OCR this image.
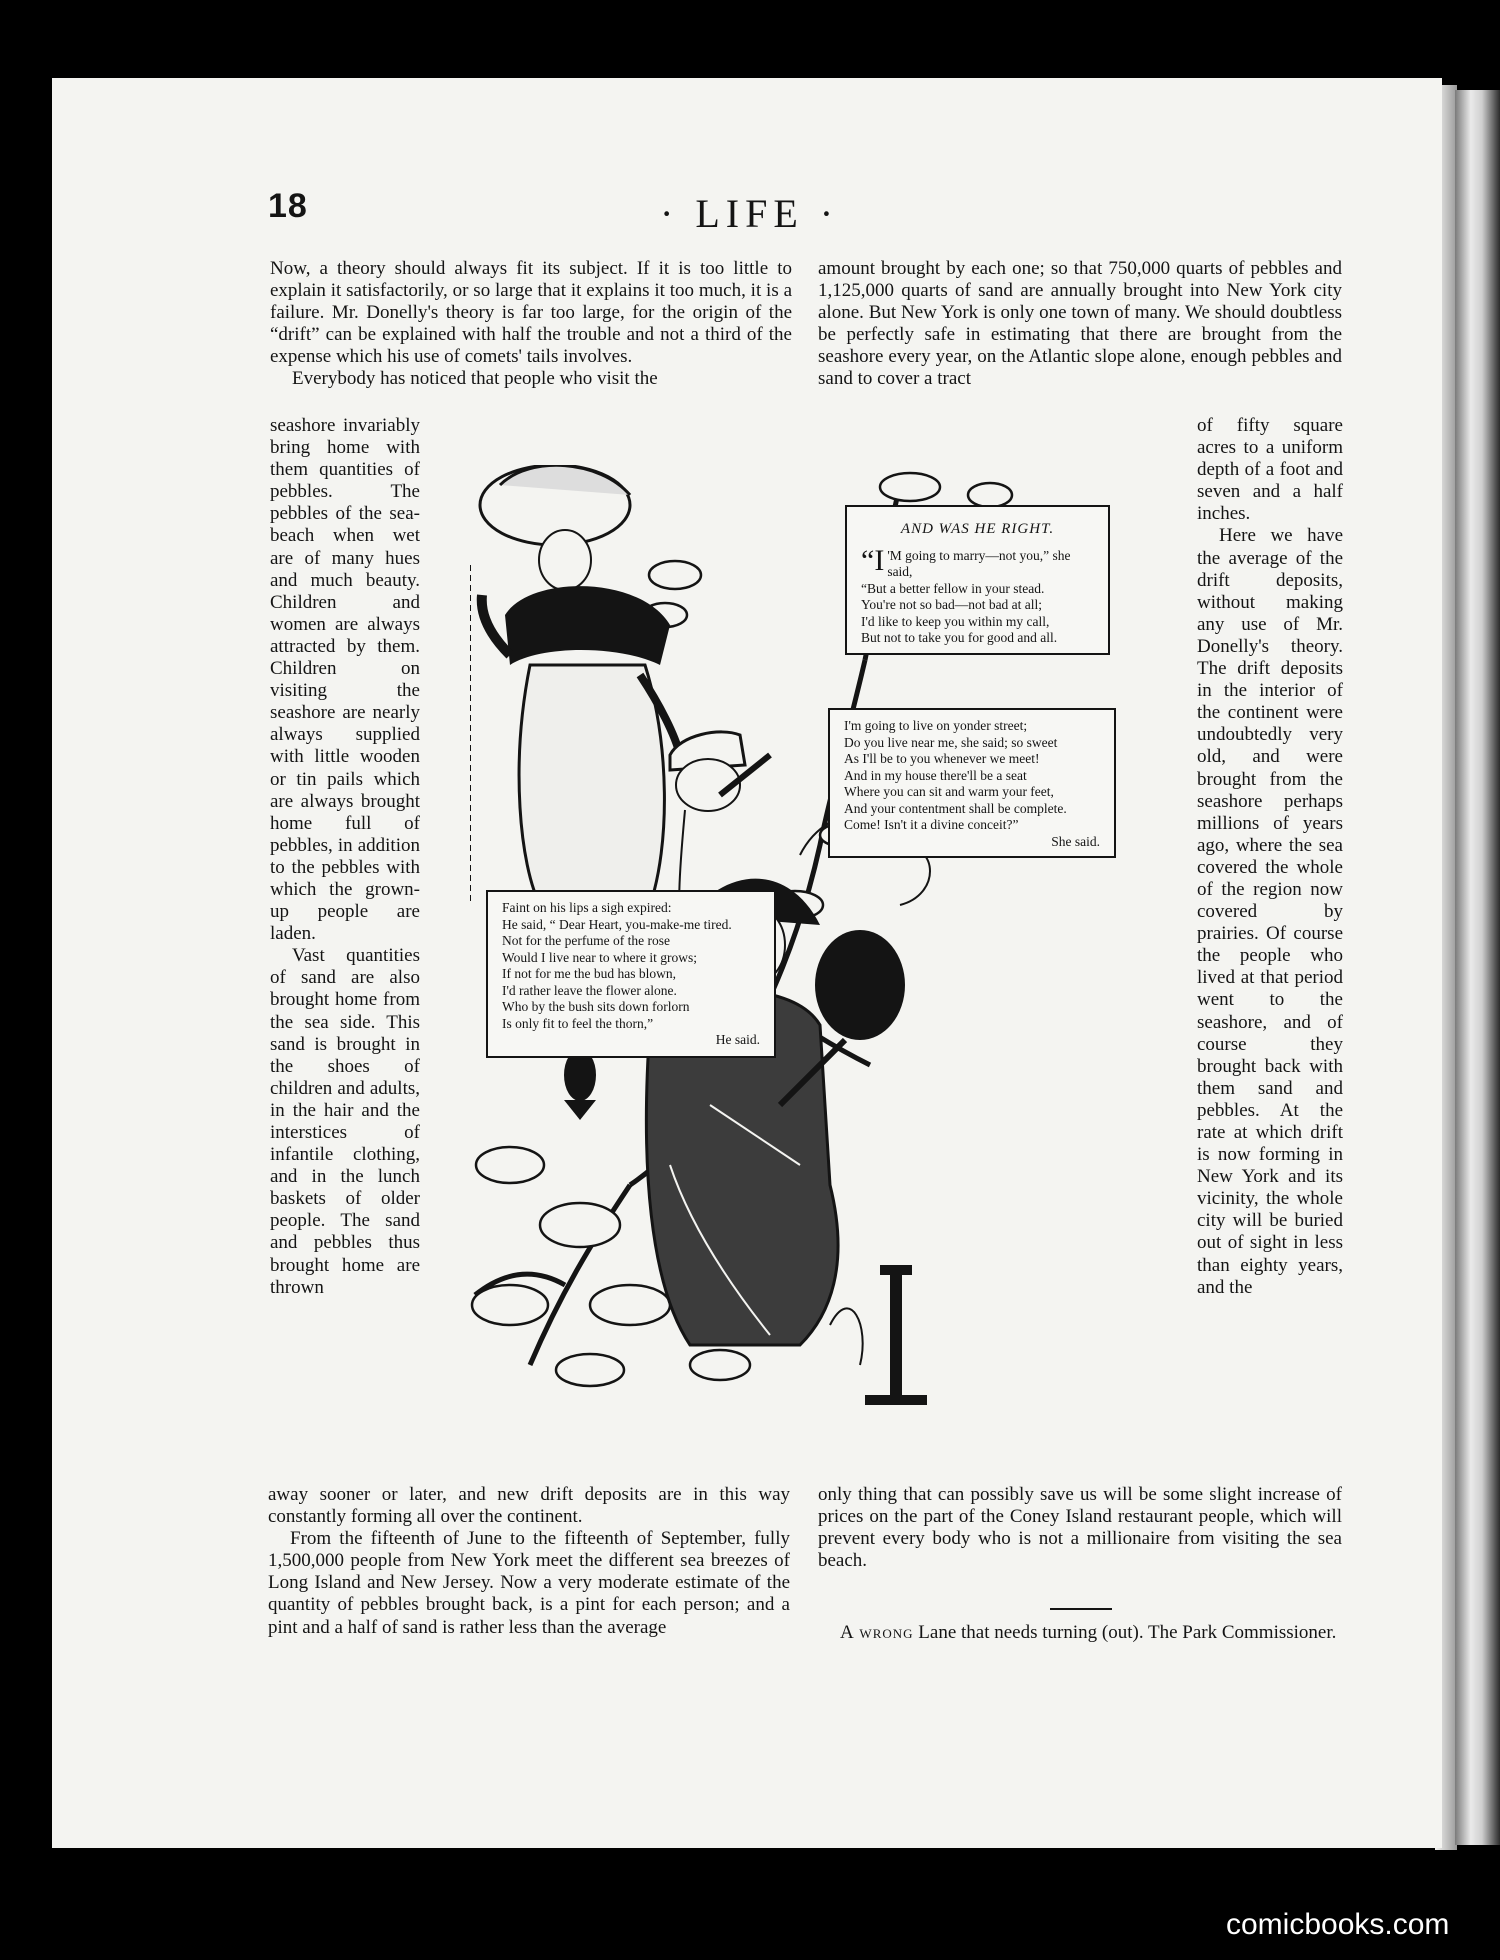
18	· LIFE ·

Now, a theory should always fit its subject. If it is too little to explain it satisfactorily, or so large that it explains it too much, it is a failure. Mr. Donelly's theory is far too large, for the origin of the “drift” can be explained with half the trouble and not a third of the expense which his use of comets' tails involves.

Everybody has noticed that people who visit the

seashore invariably bring home with them quantities of pebbles. The pebbles of the sea-beach when wet are of many hues and much beauty. Children and women are always attracted by them. Children on visiting the seashore are nearly always supplied with little wooden or tin pails which are always brought home full of pebbles, in addition to the pebbles with which the grown-up people are laden.

Vast quantities of sand are also brought home from the sea side. This sand is brought in the shoes of children and adults, in the hair and the interstices of infantile clothing, and in the lunch baskets of older people. The sand and pebbles thus brought home are thrown

away sooner or later, and new drift deposits are in this way constantly forming all over the continent.

From the fifteenth of June to the fifteenth of September, fully 1,500,000 people from New York meet the different sea breezes of Long Island and New Jersey. Now a very moderate estimate of the quantity of pebbles brought back, is a pint for each person; and a pint and a half of sand is rather less than the average

amount brought by each one; so that 750,000 quarts of pebbles and 1,125,000 quarts of sand are annually brought into New York city alone. But New York is only one town of many. We should doubtless be perfectly safe in estimating that there are brought from the seashore every year, on the Atlantic slope alone, enough pebbles and sand to cover a tract

of fifty square acres to a uniform depth of a foot and seven and a half inches.

Here we have the average of the drift deposits, without making any use of Mr. Donelly's theory. The drift deposits in the interior of the continent were undoubtedly very old, and were brought from the seashore perhaps millions of years ago, where the sea covered the whole of the region now covered by prairies. Of course the people who lived at that period went to the seashore, and of course they brought back with them sand and pebbles. At the rate at which drift is now forming in New York and its vicinity, the whole city will be buried out of sight in less than eighty years, and the

only thing that can possibly save us will be some slight increase of prices on the part of the Coney Island restaurant people, which will prevent every body who is not a millionaire from visiting the sea beach.

A wrong Lane that needs turning (out). The Park Commissioner.

AND WAS HE RIGHT.

“I 'M going to marry—not you,” she said,

“But a better fellow in your stead.

You're not so bad—not bad at all;

I'd like to keep you within my call,

But not to take you for good and all.

I'm going to live on yonder street;

Do you live near me, she said; so sweet

As I'll be to you whenever we meet!

And in my house there'll be a seat

Where you can sit and warm your feet,

And your contentment shall be complete.

Come! Isn't it a divine conceit?”

She said.

Faint on his lips a sigh expired:

He said, “ Dear Heart, you-make-me tired.

Not for the perfume of the rose

Would I live near to where it grows;

If not for me the bud has blown,

I'd rather leave the flower alone.

Who by the bush sits down forlorn

Is only fit to feel the thorn,”

He said.

comicbooks.com
